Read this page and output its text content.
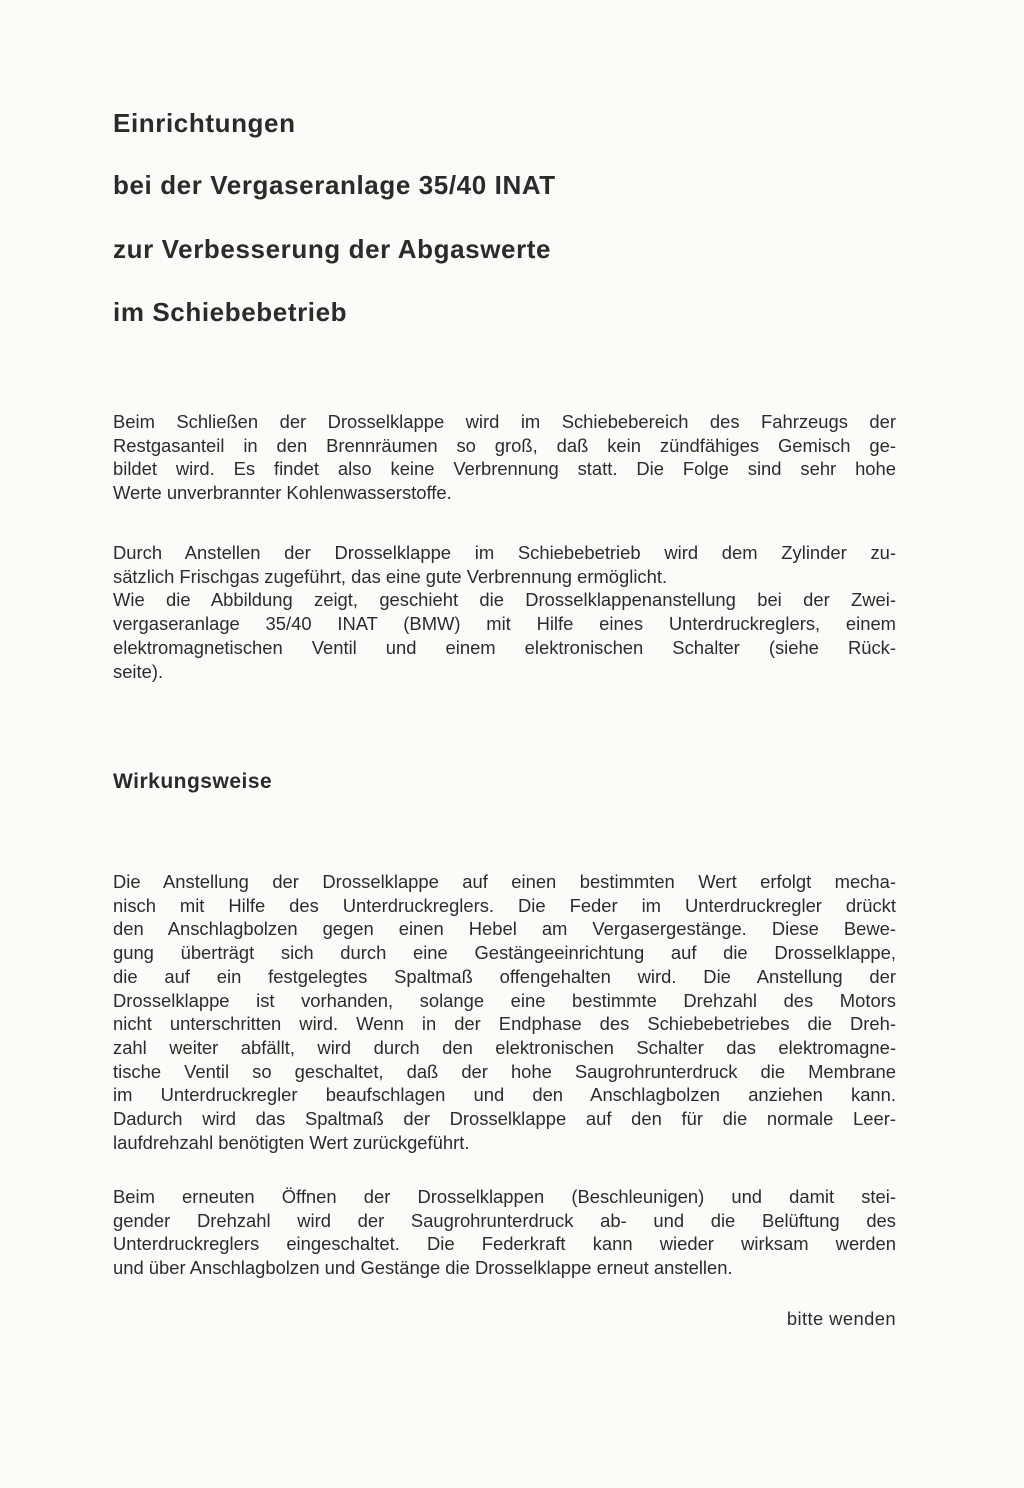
Einrichtungen
bei der Vergaseranlage 35/40 INAT
zur Verbesserung der Abgaswerte
im Schiebebetrieb

Beim Schließen der Drosselklappe wird im Schiebebereich des Fahrzeugs der
Restgasanteil in den Brennräumen so groß, daß kein zündfähiges Gemisch ge-
bildet wird. Es findet also keine Verbrennung statt. Die Folge sind sehr hohe
Werte unverbrannter Kohlenwasserstoffe.

Durch Anstellen der Drosselklappe im Schiebebetrieb wird dem Zylinder zu-
sätzlich Frischgas zugeführt, das eine gute Verbrennung ermöglicht.
Wie die Abbildung zeigt, geschieht die Drosselklappenanstellung bei der Zwei-
vergaseranlage 35/40 INAT (BMW) mit Hilfe eines Unterdruckreglers, einem
elektromagnetischen Ventil und einem elektronischen Schalter (siehe Rück-
seite).

Wirkungsweise

Die Anstellung der Drosselklappe auf einen bestimmten Wert erfolgt mecha-
nisch mit Hilfe des Unterdruckreglers. Die Feder im Unterdruckregler drückt
den Anschlagbolzen gegen einen Hebel am Vergasergestänge. Diese Bewe-
gung überträgt sich durch eine Gestängeeinrichtung auf die Drosselklappe,
die auf ein festgelegtes Spaltmaß offengehalten wird. Die Anstellung der
Drosselklappe ist vorhanden, solange eine bestimmte Drehzahl des Motors
nicht unterschritten wird. Wenn in der Endphase des Schiebebetriebes die Dreh-
zahl weiter abfällt, wird durch den elektronischen Schalter das elektromagne-
tische Ventil so geschaltet, daß der hohe Saugrohrunterdruck die Membrane
im Unterdruckregler beaufschlagen und den Anschlagbolzen anziehen kann.
Dadurch wird das Spaltmaß der Drosselklappe auf den für die normale Leer-
laufdrehzahl benötigten Wert zurückgeführt.

Beim erneuten Öffnen der Drosselklappen (Beschleunigen) und damit stei-
gender Drehzahl wird der Saugrohrunterdruck ab- und die Belüftung des
Unterdruckreglers eingeschaltet. Die Federkraft kann wieder wirksam werden
und über Anschlagbolzen und Gestänge die Drosselklappe erneut anstellen.

bitte wenden
